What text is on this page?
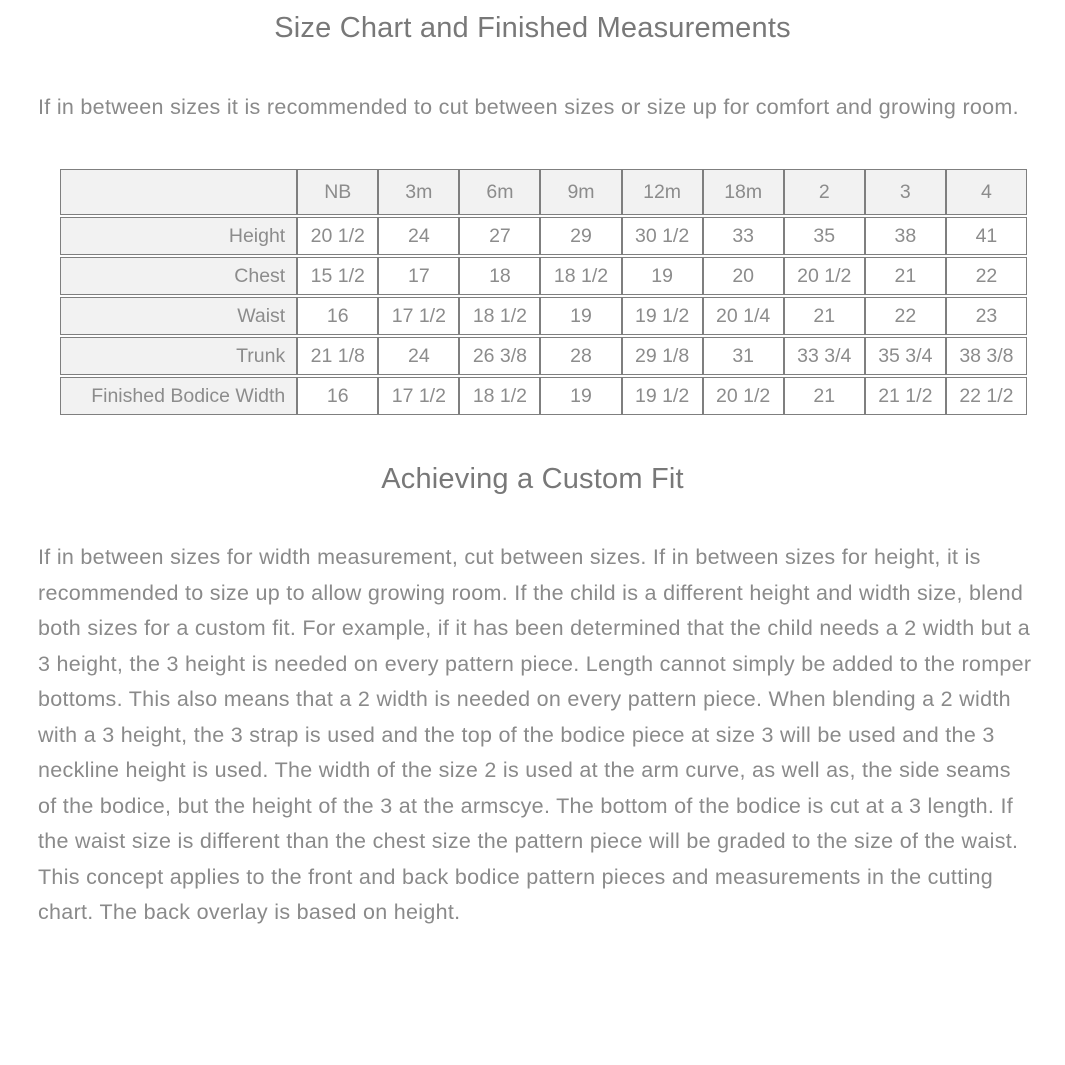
Size Chart and Finished Measurements

If in between sizes it is recommended to cut between sizes or size up for comfort and growing room.

	NB	3m	6m	9m	12m	18m	2	3	4
Height	20 1/2	24	27	29	30 1/2	33	35	38	41
Chest	15 1/2	17	18	18 1/2	19	20	20 1/2	21	22
Waist	16	17 1/2	18 1/2	19	19 1/2	20 1/4	21	22	23
Trunk	21 1/8	24	26 3/8	28	29 1/8	31	33 3/4	35 3/4	38 3/8
Finished Bodice Width	16	17 1/2	18 1/2	19	19 1/2	20 1/2	21	21 1/2	22 1/2
Achieving a Custom Fit

If in between sizes for width measurement, cut between sizes. If in between sizes for height, it is recommended to size up to allow growing room. If the child is a different height and width size, blend both sizes for a custom fit. For example, if it has been determined that the child needs a 2 width but a 3 height, the 3 height is needed on every pattern piece. Length cannot simply be added to the romper bottoms. This also means that a 2 width is needed on every pattern piece. When blending a 2 width with a 3 height, the 3 strap is used and the top of the bodice piece at size 3 will be used and the 3 neckline height is used. The width of the size 2 is used at the arm curve, as well as, the side seams of the bodice, but the height of the 3 at the armscye. The bottom of the bodice is cut at a 3 length. If the waist size is different than the chest size the pattern piece will be graded to the size of the waist. This concept applies to the front and back bodice pattern pieces and measurements in the cutting chart. The back overlay is based on height.
